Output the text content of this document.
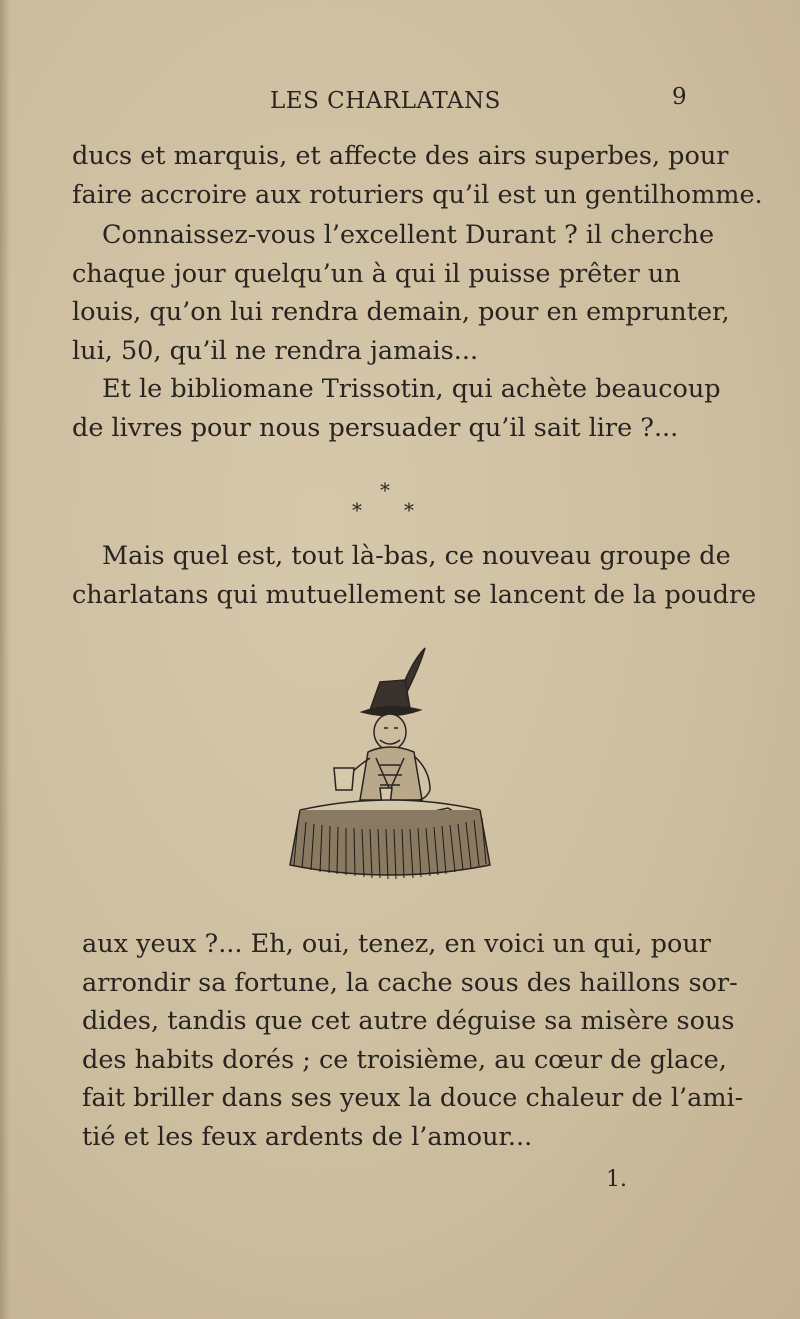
LES CHARLATANS	9
ducs et marquis, et affecte des airs superbes, pour
faire accroire aux roturiers qu’il est un gentilhomme.
Connaissez-vous l’excellent Durant ? il cherche
chaque jour quelqu’un à qui il puisse prêter un
louis, qu’on lui rendra demain, pour en emprunter,
lui, 50, qu’il ne rendra jamais...
Et le bibliomane Trissotin, qui achète beaucoup
de livres pour nous persuader qu’il sait lire ?...
*
* *
Mais quel est, tout là-bas, ce nouveau groupe de
charlatans qui mutuellement se lancent de la poudre
aux yeux ?... Eh, oui, tenez, en voici un qui, pour
arrondir sa fortune, la cache sous des haillons sor-
dides, tandis que cet autre déguise sa misère sous
des habits dorés ; ce troisième, au cœur de glace,
fait briller dans ses yeux la douce chaleur de l’ami-
tié et les feux ardents de l’amour...
1.
